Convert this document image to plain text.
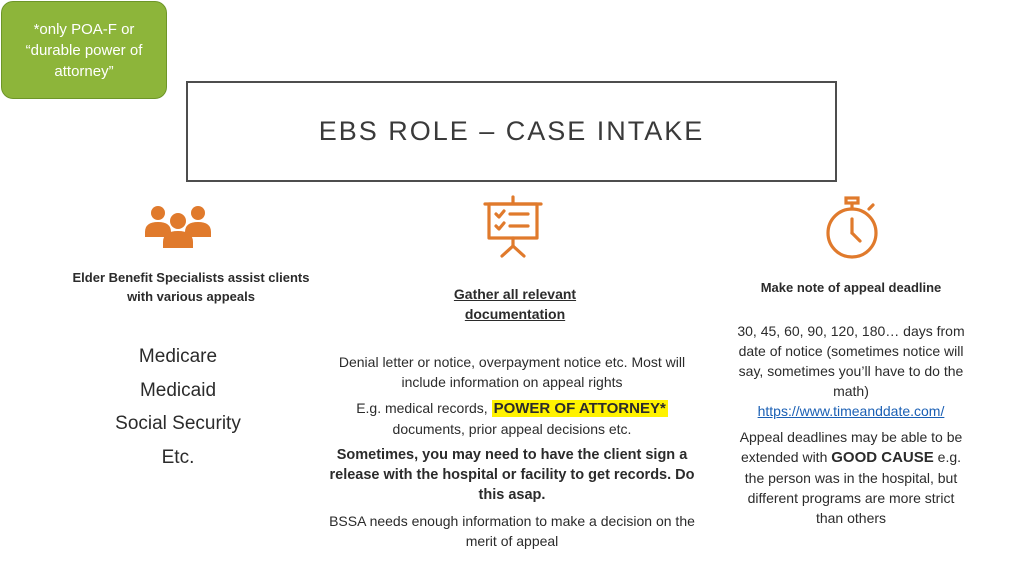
*only POA-F or
“durable power of
attorney”
EBS ROLE – CASE INTAKE
Elder Benefit Specialists assist clients with various appeals
Medicare
Medicaid
Social Security
Etc.
Gather all relevant
documentation

Denial letter or notice, overpayment notice etc. Most will include information on appeal rights

E.g. medical records, POWER OF ATTORNEY* documents, prior appeal decisions etc.

Sometimes, you may need to have the client sign a release with the hospital or facility to get records. Do this asap.

BSSA needs enough information to make a decision on the merit of appeal

Make note of appeal deadline

30, 45, 60, 90, 120, 180… days from date of notice (sometimes notice will say, sometimes you’ll have to do the math)

https://www.timeanddate.com/

Appeal deadlines may be able to be extended with GOOD CAUSE e.g. the person was in the hospital, but different programs are more strict than others
